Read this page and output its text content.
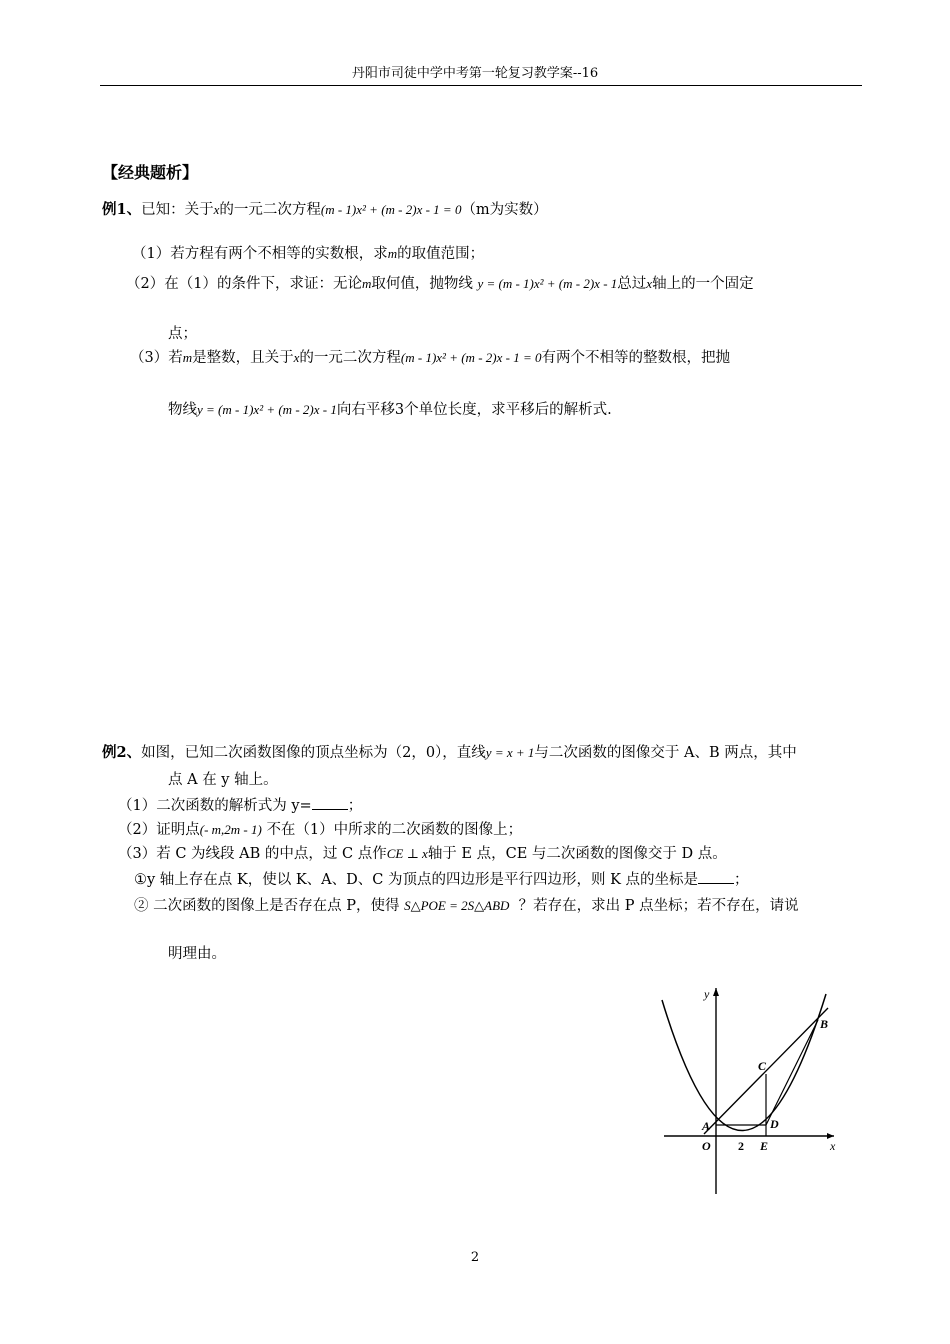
丹阳市司徒中学中考第一轮复习教学案--16
【经典题析】
例1、已知：关于x的一元二次方程(m - 1)x² + (m - 2)x - 1 = 0（m为实数）
（1）若方程有两个不相等的实数根，求m的取值范围；
（2）在（1）的条件下，求证：无论m取何值，抛物线 y = (m - 1)x² + (m - 2)x - 1总过x轴上的一个固定
点；
（3）若m是整数，且关于x的一元二次方程(m - 1)x² + (m - 2)x - 1 = 0有两个不相等的整数根，把抛
物线y = (m - 1)x² + (m - 2)x - 1向右平移3个单位长度，求平移后的解析式.
例2、如图，已知二次函数图像的顶点坐标为（2，0），直线y = x + 1与二次函数的图像交于 A、B 两点，其中
点 A 在 y 轴上。
（1）二次函数的解析式为 y= ；
（2）证明点(- m,2m - 1) 不在（1）中所求的二次函数的图像上；
（3）若 C 为线段 AB 的中点，过 C 点作CE ⊥ x轴于 E 点，CE 与二次函数的图像交于 D 点。
①y 轴上存在点 K，使以 K、A、D、C 为顶点的四边形是平行四边形，则 K 点的坐标是 ；
② 二次函数的图像上是否存在点 P，使得 S△POE = 2S△ABD ？若存在，求出 P 点坐标；若不存在，请说
明理由。
y
x
A
B
C
D
E
O 2
2
